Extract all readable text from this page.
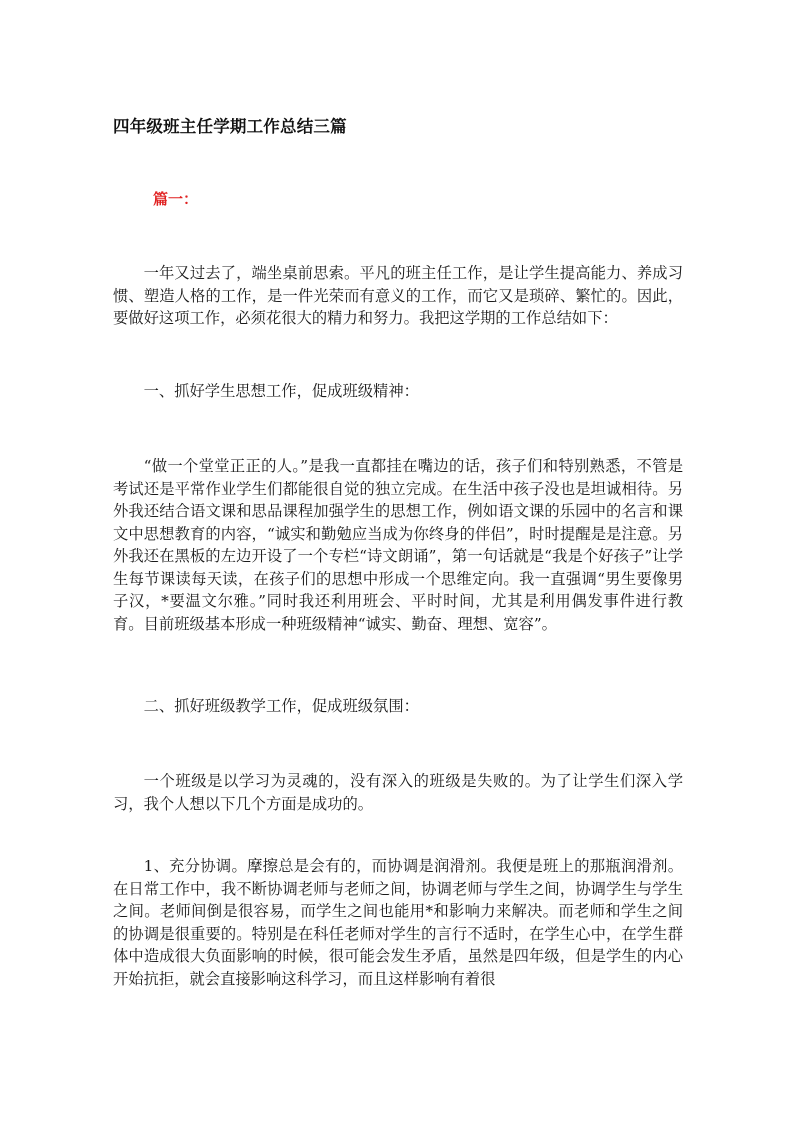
四年级班主任学期工作总结三篇

篇一：

一年又过去了，端坐桌前思索。平凡的班主任工作，是让学生提高能力、养成习惯、塑造人格的工作，是一件光荣而有意义的工作，而它又是琐碎、繁忙的。因此，要做好这项工作，必须花很大的精力和努力。我把这学期的工作总结如下：

一、抓好学生思想工作，促成班级精神：

“做一个堂堂正正的人。”是我一直都挂在嘴边的话，孩子们和特别熟悉，不管是考试还是平常作业学生们都能很自觉的独立完成。在生活中孩子没也是坦诚相待。另外我还结合语文课和思品课程加强学生的思想工作，例如语文课的乐园中的名言和课文中思想教育的内容，“诚实和勤勉应当成为你终身的伴侣”，时时提醒是是注意。另外我还在黑板的左边开设了一个专栏“诗文朗诵”，第一句话就是“我是个好孩子”让学生每节课读每天读，在孩子们的思想中形成一个思维定向。我一直强调“男生要像男子汉，*要温文尔雅。”同时我还利用班会、平时时间，尤其是利用偶发事件进行教育。目前班级基本形成一种班级精神“诚实、勤奋、理想、宽容”。

二、抓好班级教学工作，促成班级氛围：

一个班级是以学习为灵魂的，没有深入的班级是失败的。为了让学生们深入学习，我个人想以下几个方面是成功的。

1、充分协调。摩擦总是会有的，而协调是润滑剂。我便是班上的那瓶润滑剂。在日常工作中，我不断协调老师与老师之间，协调老师与学生之间，协调学生与学生之间。老师间倒是很容易，而学生之间也能用*和影响力来解决。而老师和学生之间的协调是很重要的。特别是在科任老师对学生的言行不适时，在学生心中，在学生群体中造成很大负面影响的时候，很可能会发生矛盾，虽然是四年级，但是学生的内心开始抗拒，就会直接影响这科学习，而且这样影响有着很
